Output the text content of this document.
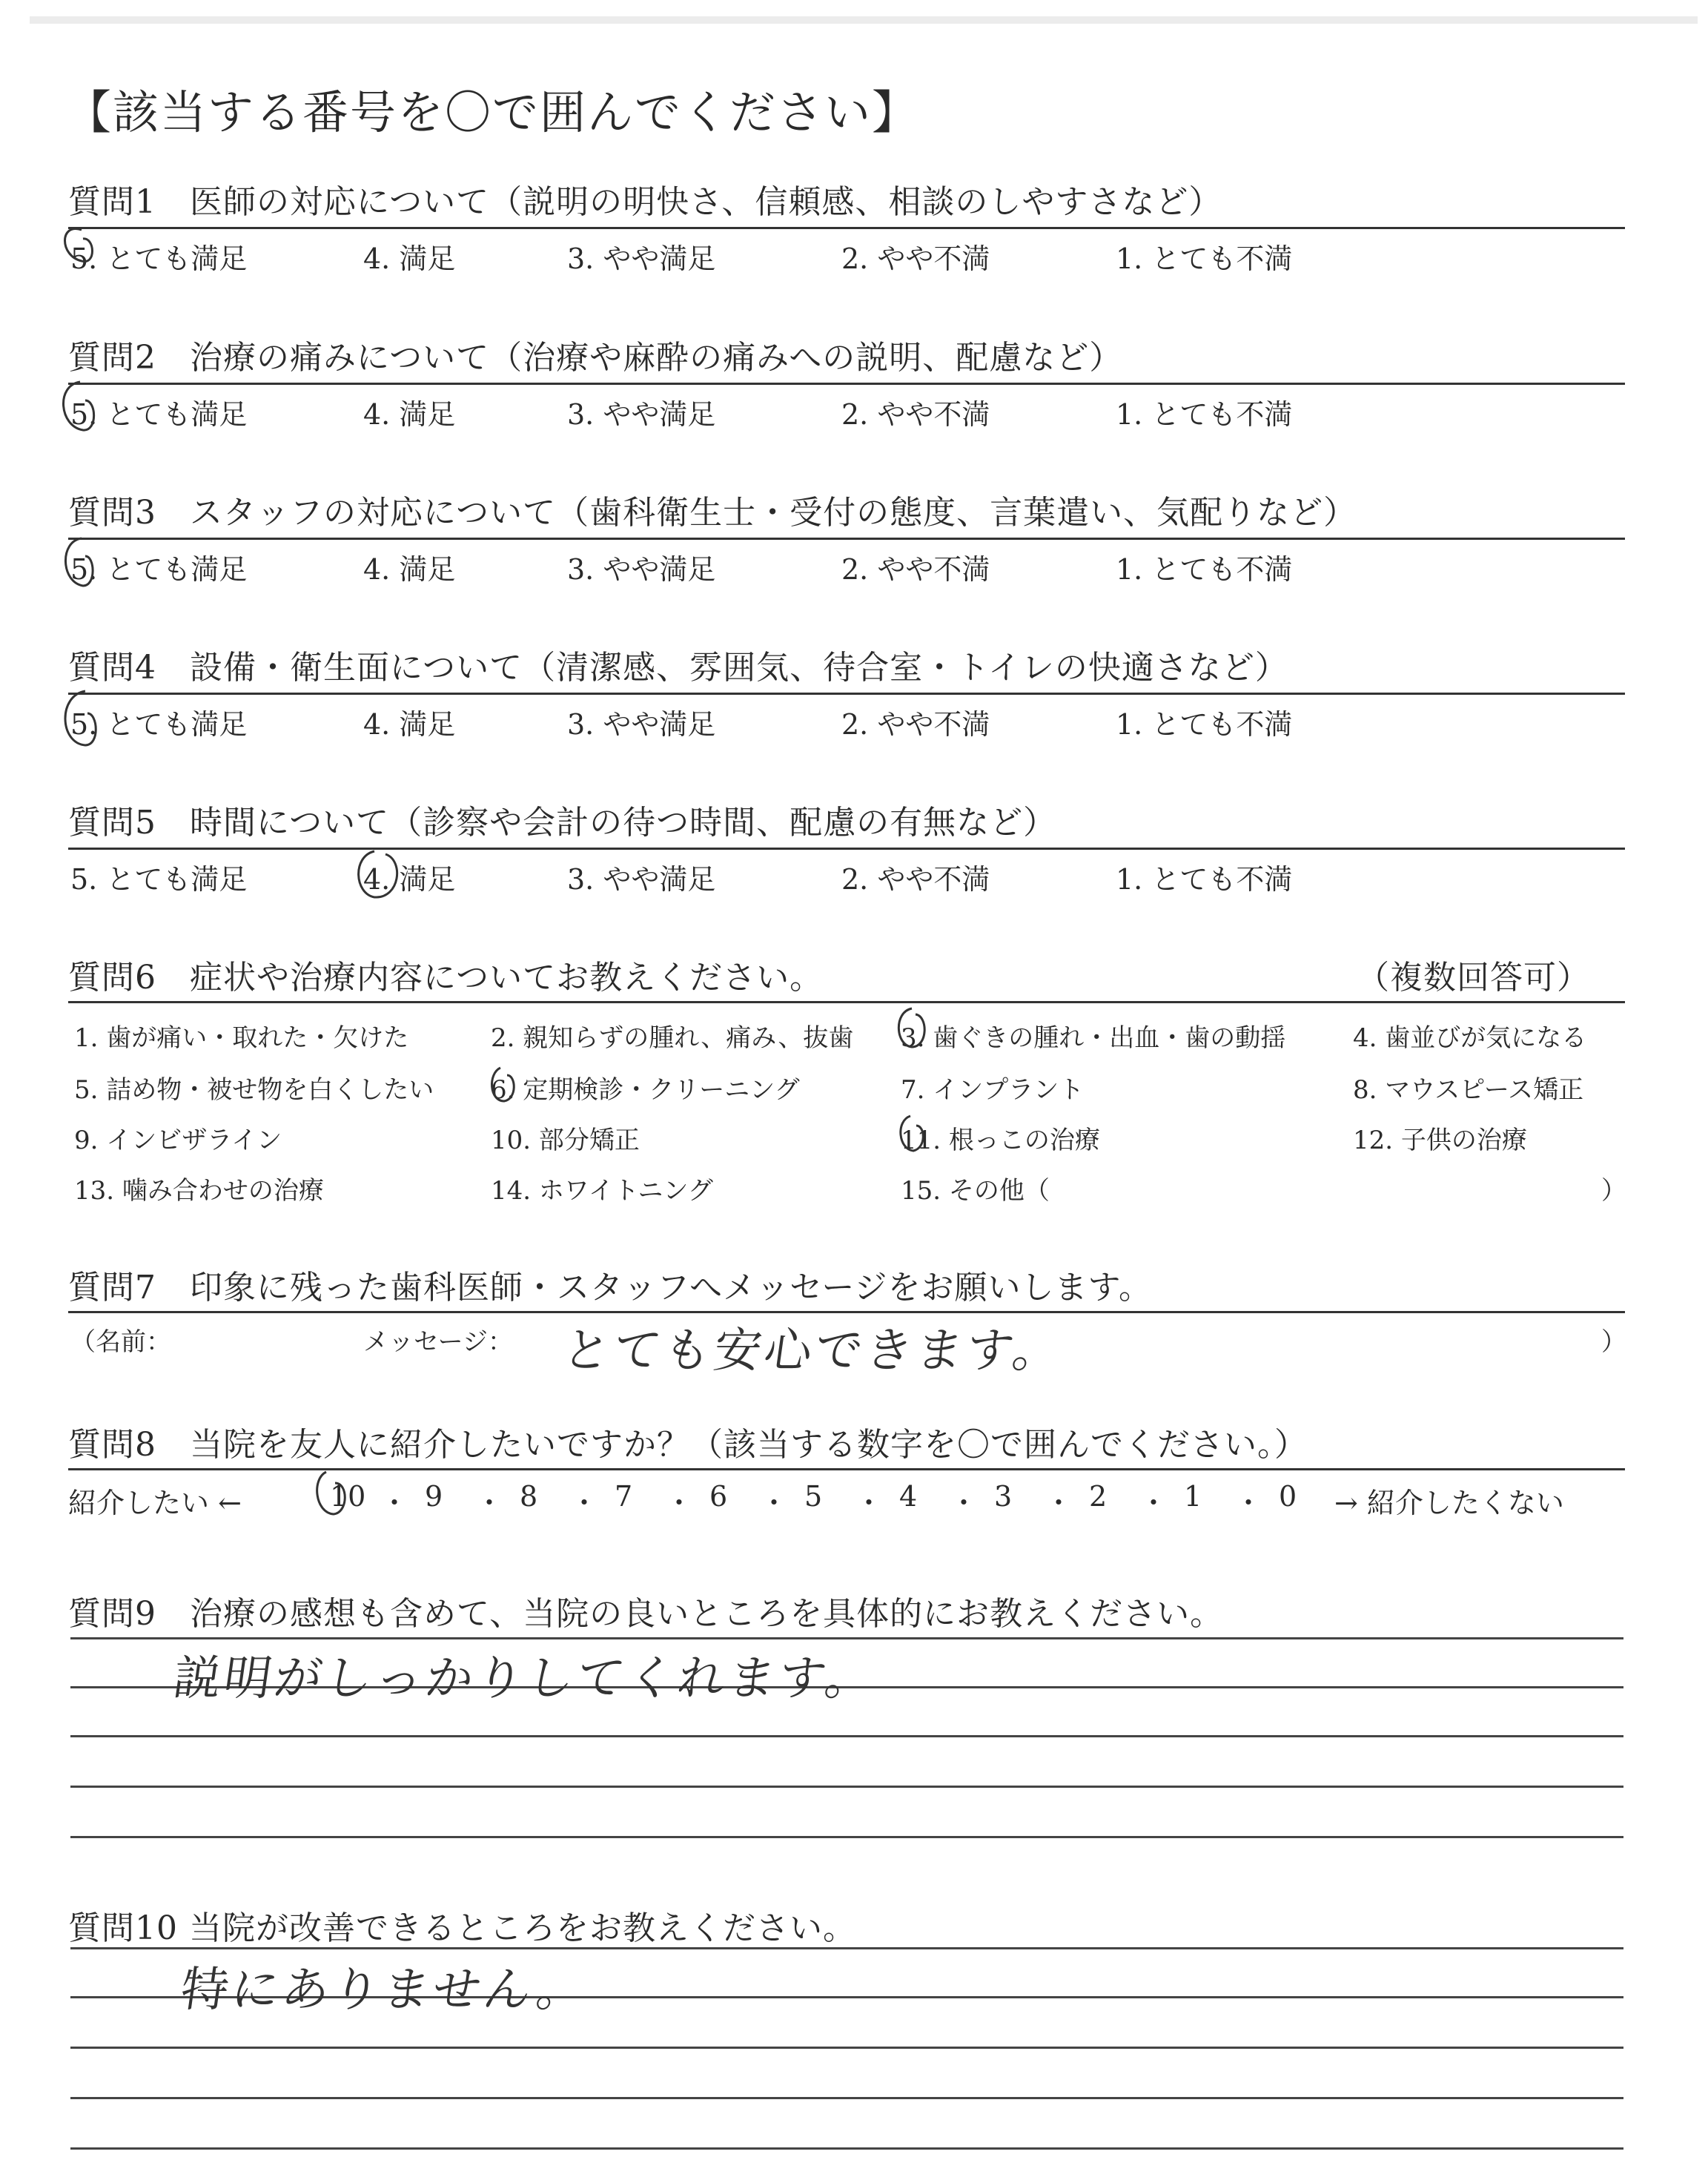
【該当する番号を〇で囲んでください】
質問1　医師の対応について（説明の明快さ、信頼感、相談のしやすさなど）
5. とても満足	4. 満足	3. やや満足	2. やや不満	1. とても不満
質問2　治療の痛みについて（治療や麻酔の痛みへの説明、配慮など）
5. とても満足	4. 満足	3. やや満足	2. やや不満	1. とても不満
質問3　スタッフの対応について（歯科衛生士・受付の態度、言葉遣い、気配りなど）
5. とても満足	4. 満足	3. やや満足	2. やや不満	1. とても不満
質問4　設備・衛生面について（清潔感、雰囲気、待合室・トイレの快適さなど）
5. とても満足	4. 満足	3. やや満足	2. やや不満	1. とても不満
質問5　時間について（診察や会計の待つ時間、配慮の有無など）
5. とても満足	4. 満足	3. やや満足	2. やや不満	1. とても不満
質問6　症状や治療内容についてお教えください。	（複数回答可）
1. 歯が痛い・取れた・欠けた	2. 親知らずの腫れ、痛み、抜歯 3. 歯ぐきの腫れ・出血・歯の動揺	4. 歯並びが気になる
5. 詰め物・被せ物を白くしたい 6. 定期検診・クリーニング	7. インプラント	8. マウスピース矯正
9. インビザライン	10. 部分矯正	11. 根っこの治療	12. 子供の治療
13. 噛み合わせの治療	14. ホワイトニング	15. その他（	）
質問7　印象に残った歯科医師・スタッフへメッセージをお願いします。
（名前：	メッセージ： とても安心できます。	）
質問8　当院を友人に紹介したいですか？（該当する数字を〇で囲んでください。）
紹介したい ←	→ 紹介したくない
10 ・ 9 ・ 8 ・ 7 ・ 6 ・ 5 ・ 4 ・ 3 ・ 2 ・ 1 ・ 0
質問9　治療の感想も含めて、当院の良いところを具体的にお教えください。
説明がしっかりしてくれます。
質問10 当院が改善できるところをお教えください。
特にありません。
